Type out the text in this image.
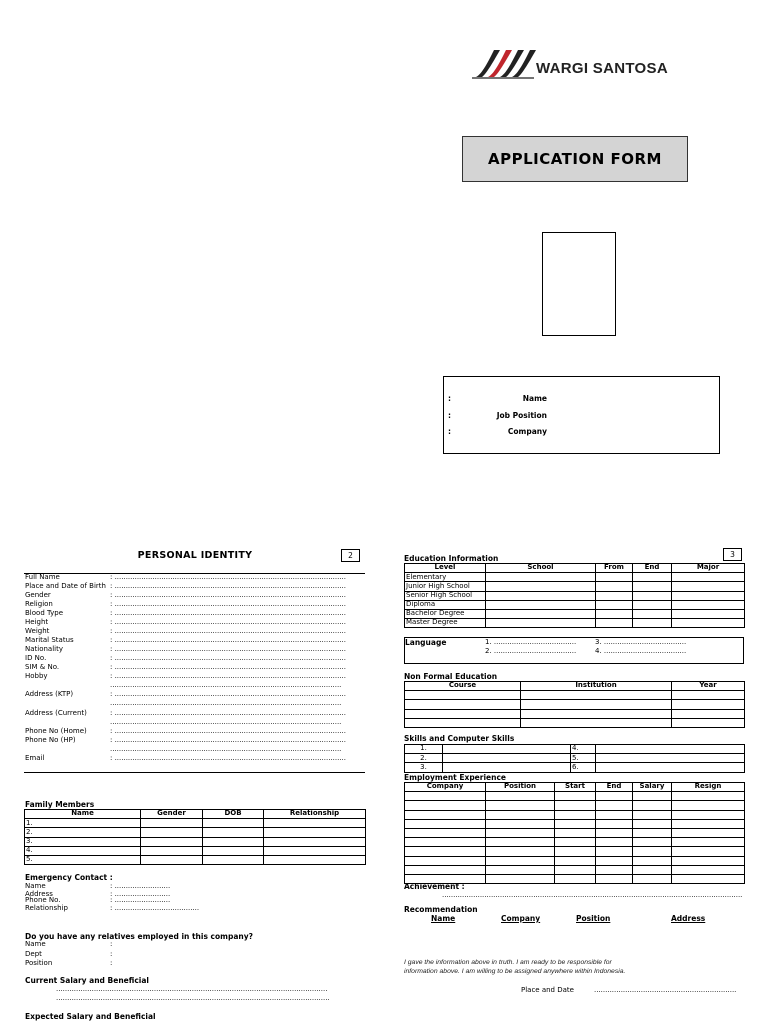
WARGI SANTOSA
APPLICATION FORM
:	Name
:	Job Position
:	Company
PERSONAL IDENTITY	2
Full Name	: ........................................................................................................
Place and Date of Birth : ........................................................................................................
Gender	: ........................................................................................................
Religion	: ........................................................................................................
Blood Type	: ........................................................................................................
Height	: ........................................................................................................
Weight	: ........................................................................................................
Marital Status	: ........................................................................................................
Nationality	: ........................................................................................................
ID No.	: ........................................................................................................
SIM & No.	: ........................................................................................................
Hobby	: ........................................................................................................
........................................................................................................
Address (KTP)	: ........................................................................................................
........................................................................................................
Address (Current)	: ........................................................................................................
........................................................................................................
Phone No (Home)	: ........................................................................................................
Phone No (HP)	: ........................................................................................................
........................................................................................................
Email	: ........................................................................................................
Family Members
Name	Gender	DOB	Relationship
1.			
2.			
3.			
4.			
5.			
Emergency Contact :
Name	: .........................
Address	: .........................
Phone No.	: .........................
Relationship	: ......................................
Do you have any relatives employed in this company?
Name	:
Dept	:
Position	:
Current Salary and Beneficial
..........................................................................................................................
...........................................................................................................................
Expected Salary and Beneficial
3
Education Information
Level	School	From	End	Major
Elementary				
Junior High School				
Senior High School				
Diploma				
Bachelor Degree				
Master Degree				
Language	1. .....................................	3. .....................................
2. .....................................	4. .....................................
Non Formal Education
Course	Institution	Year

Skills and Computer Skills
1.		4.	
2.		5.	
3.		6.	
Employment Experience
Company	Position	Start	End	Salary	Resign

Achievement :
.......................................................................................................................................
Recommendation
Name	Company	Position	Address
I gave the information above in truth. I am ready to be responsible for
information above. I am willing to be assigned anywhere within Indonesia.
Place and Date	................................................................
